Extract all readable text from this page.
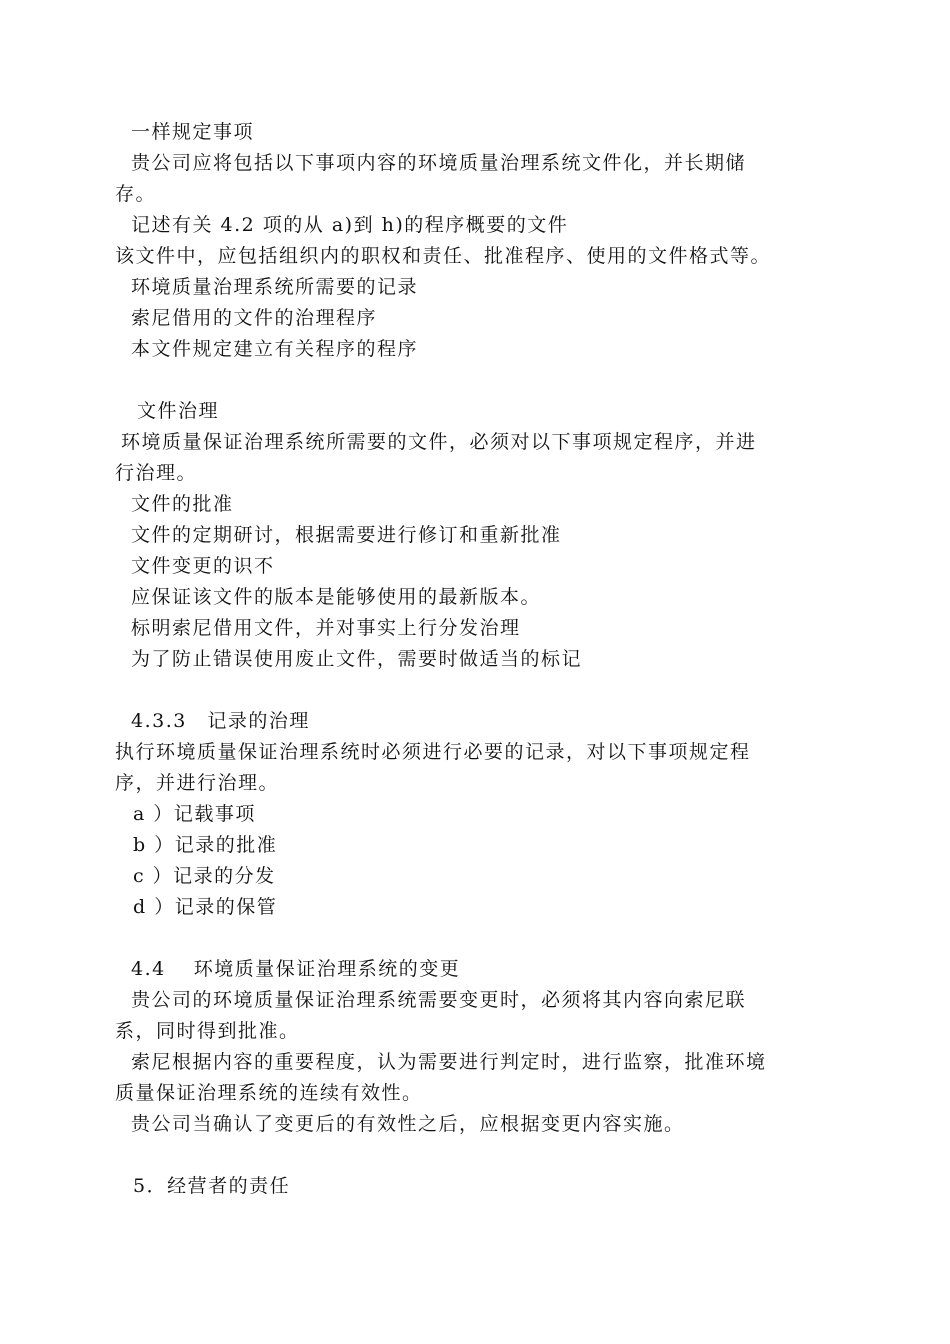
一样规定事项
贵公司应将包括以下事项内容的环境质量治理系统文件化，并长期储
存。
记述有关 4.2 项的从 a)到 h)的程序概要的文件
该文件中，应包括组织内的职权和责任、批准程序、使用的文件格式等。
环境质量治理系统所需要的记录
索尼借用的文件的治理程序
本文件规定建立有关程序的程序
文件治理
环境质量保证治理系统所需要的文件，必须对以下事项规定程序，并进
行治理。
文件的批准
文件的定期研讨，根据需要进行修订和重新批准
文件变更的识不
应保证该文件的版本是能够使用的最新版本。
标明索尼借用文件，并对事实上行分发治理
为了防止错误使用废止文件，需要时做适当的标记
4.3.3　记录的治理
执行环境质量保证治理系统时必须进行必要的记录，对以下事项规定程
序，并进行治理。
a ）记载事项
b ）记录的批准
c ）记录的分发
d ）记录的保管
4.4　 环境质量保证治理系统的变更
贵公司的环境质量保证治理系统需要变更时，必须将其内容向索尼联
系，同时得到批准。
索尼根据内容的重要程度，认为需要进行判定时，进行监察，批准环境
质量保证治理系统的连续有效性。
贵公司当确认了变更后的有效性之后，应根据变更内容实施。
5．经营者的责任
